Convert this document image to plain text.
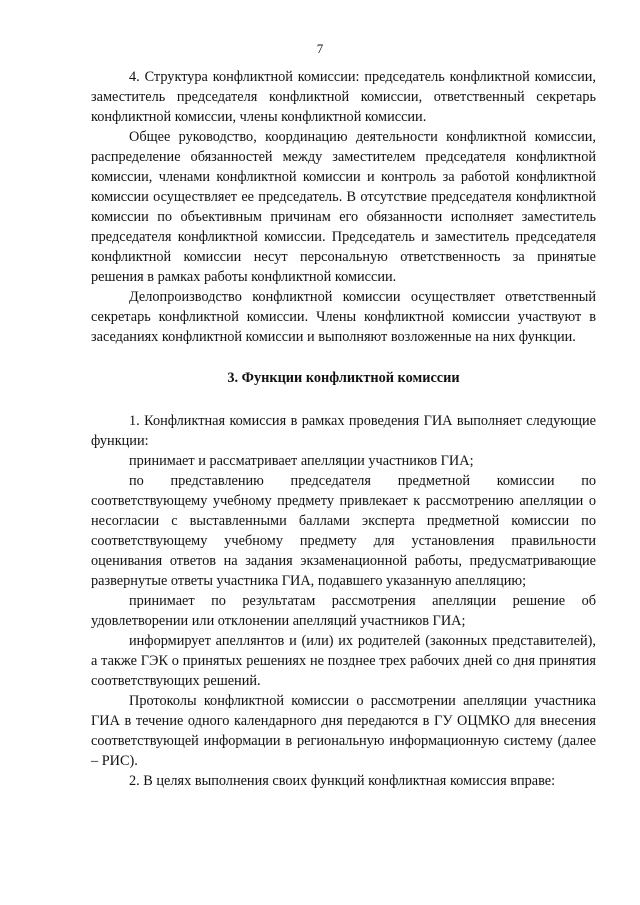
7

4. Структура конфликтной комиссии: председатель конфликтной комиссии, заместитель председателя конфликтной комиссии, ответственный секретарь конфликтной комиссии, члены конфликтной комиссии.

Общее руководство, координацию деятельности конфликтной комиссии, распределение обязанностей между заместителем председателя конфликтной комиссии, членами конфликтной комиссии и контроль за работой конфликтной комиссии осуществляет ее председатель. В отсутствие председателя конфликтной комиссии по объективным причинам его обязанности исполняет заместитель председателя конфликтной комиссии. Председатель и заместитель председателя конфликтной комиссии несут персональную ответственность за принятые решения в рамках работы конфликтной комиссии.

Делопроизводство конфликтной комиссии осуществляет ответственный секретарь конфликтной комиссии. Члены конфликтной комиссии участвуют в заседаниях конфликтной комиссии и выполняют возложенные на них функции.

3. Функции конфликтной комиссии

1. Конфликтная комиссия в рамках проведения ГИА выполняет следующие функции:

принимает и рассматривает апелляции участников ГИА;

по представлению председателя предметной комиссии по соответствующему учебному предмету привлекает к рассмотрению апелляции о несогласии с выставленными баллами эксперта предметной комиссии по соответствующему учебному предмету для установления правильности оценивания ответов на задания экзаменационной работы, предусматривающие развернутые ответы участника ГИА, подавшего указанную апелляцию;

принимает по результатам рассмотрения апелляции решение об удовлетворении или отклонении апелляций участников ГИА;

информирует апеллянтов и (или) их родителей (законных представителей), а также ГЭК о принятых решениях не позднее трех рабочих дней со дня принятия соответствующих решений.

Протоколы конфликтной комиссии о рассмотрении апелляции участника ГИА в течение одного календарного дня передаются в ГУ ОЦМКО для внесения соответствующей информации в региональную информационную систему (далее – РИС).

2. В целях выполнения своих функций конфликтная комиссия вправе:
